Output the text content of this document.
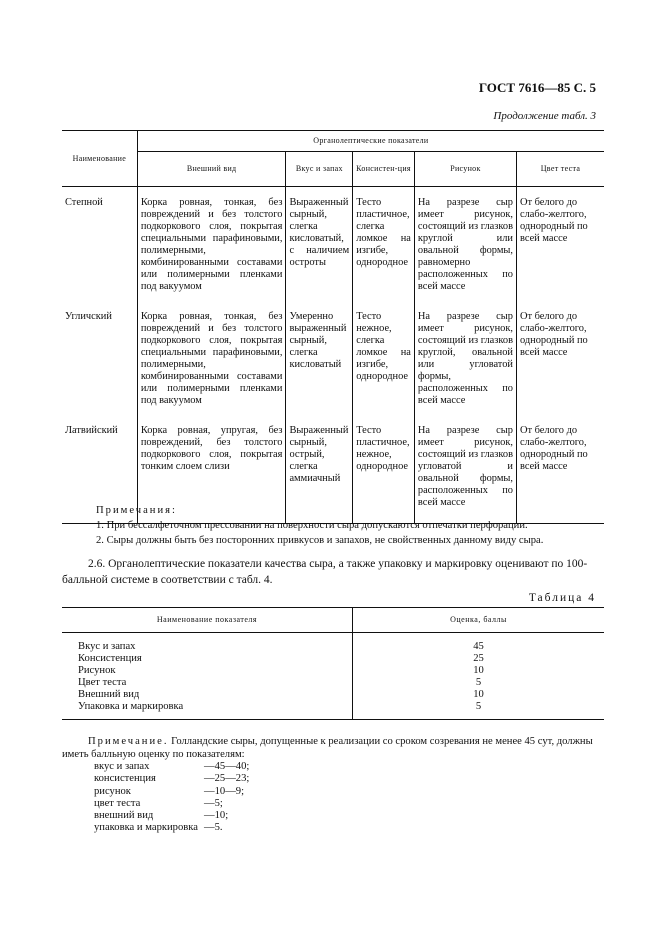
ГОСТ 7616—85 С. 5
Продолжение табл. 3
Наименование	Органолептические показатели				
	Внешний вид	Вкус и запах	Консистен-ция	Рисунок	Цвет теста
Степной	Корка ровная, тонкая, без повреждений и без толстого подкоркового слоя, покрытая специальными парафиновыми, полимерными, комбинированными составами или полимерными пленками под вакуумом	Выраженный сырный, слегка кисловатый, с наличием остроты	Тесто пластичное, слегка ломкое на изгибе, однородное	На разрезе сыр имеет рисунок, состоящий из глазков круглой или овальной формы, равномерно расположенных по всей массе	От белого до слабо-желтого, однородный по всей массе
Угличский	Корка ровная, тонкая, без повреждений и без толстого подкоркового слоя, покрытая специальными парафиновыми, полимерными, комбинированными составами или полимерными пленками под вакуумом	Умеренно выраженный сырный, слегка кисловатый	Тесто нежное, слегка ломкое на изгибе, однородное	На разрезе сыр имеет рисунок, состоящий из глазков круглой, овальной или угловатой формы, расположенных по всей массе	От белого до слабо-желтого, однородный по всей массе
Латвийский	Корка ровная, упругая, без повреждений, без толстого подкоркового слоя, покрытая тонким слоем слизи	Выраженный сырный, острый, слегка аммиачный	Тесто пластичное, нежное, однородное	На разрезе сыр имеет рисунок, состоящий из глазков угловатой и овальной формы, расположенных по всей массе	От белого до слабо-желтого, однородный по всей массе
Примечания:
1. При бессалфеточном прессовании на поверхности сыра допускаются отпечатки перфорации.
2. Сыры должны быть без посторонних привкусов и запахов, не свойственных данному виду сыра.
2.6. Органолептические показатели качества сыра, а также упаковку и маркировку оценивают по 100-балльной системе в соответствии с табл. 4.
Таблица 4
Наименование показателя	Оценка, баллы
Вкус и запах	45
Консистенция	25
Рисунок	10
Цвет теста	5
Внешний вид	10
Упаковка и маркировка	5
Примечание. Голландские сыры, допущенные к реализации со сроком созревания не менее 45 сут, должны иметь балльную оценку по показателям:
вкус и запах	—45—40;
консистенция	—25—23;
рисунок	—10—9;
цвет теста	—5;
внешний вид	—10;
упаковка и маркировка —5.
